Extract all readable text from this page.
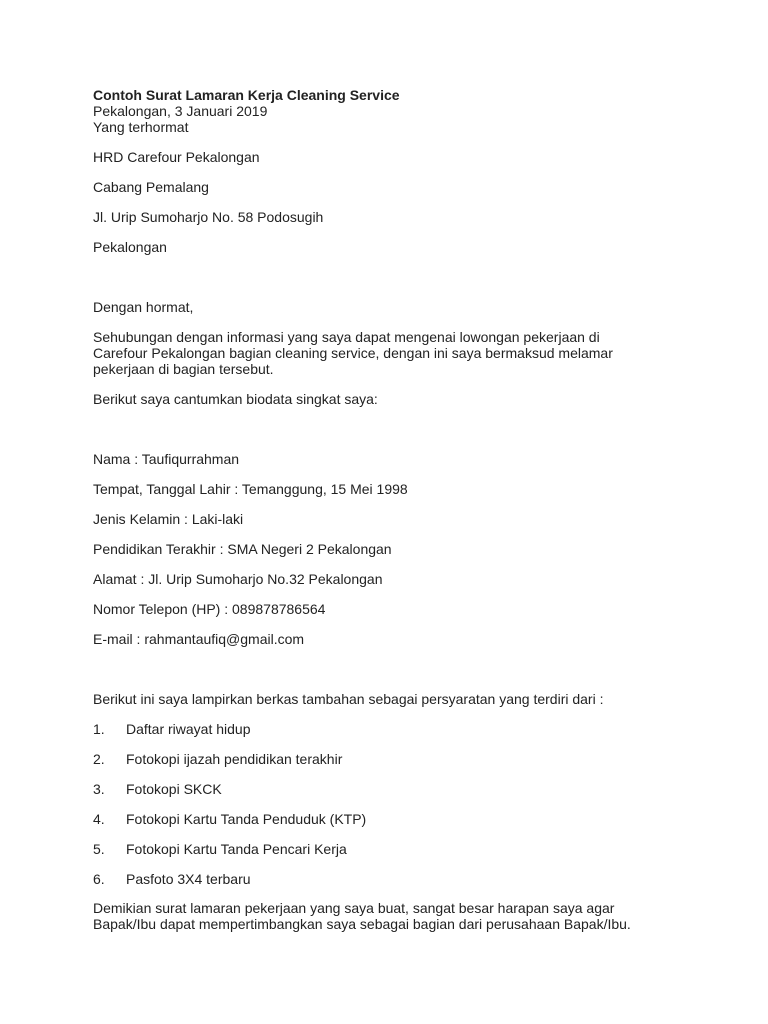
Contoh Surat Lamaran Kerja Cleaning Service

Pekalongan, 3 Januari 2019

Yang terhormat

HRD Carefour Pekalongan

Cabang Pemalang

Jl. Urip Sumoharjo No. 58 Podosugih

Pekalongan

Dengan hormat,

Sehubungan dengan informasi yang saya dapat mengenai lowongan pekerjaan di

Carefour Pekalongan bagian cleaning service, dengan ini saya bermaksud melamar

pekerjaan di bagian tersebut.

Berikut saya cantumkan biodata singkat saya:

Nama : Taufiqurrahman

Tempat, Tanggal Lahir : Temanggung, 15 Mei 1998

Jenis Kelamin : Laki-laki

Pendidikan Terakhir : SMA Negeri 2 Pekalongan

Alamat : Jl. Urip Sumoharjo No.32 Pekalongan

Nomor Telepon (HP) : 089878786564

E-mail : rahmantaufiq@gmail.com

Berikut ini saya lampirkan berkas tambahan sebagai persyaratan yang terdiri dari :

1.	Daftar riwayat hidup
2.	Fotokopi ijazah pendidikan terakhir
3.	Fotokopi SKCK
4.	Fotokopi Kartu Tanda Penduduk (KTP)
5.	Fotokopi Kartu Tanda Pencari Kerja
6.	Pasfoto 3X4 terbaru

Demikian surat lamaran pekerjaan yang saya buat, sangat besar harapan saya agar

Bapak/Ibu dapat mempertimbangkan saya sebagai bagian dari perusahaan Bapak/Ibu.
